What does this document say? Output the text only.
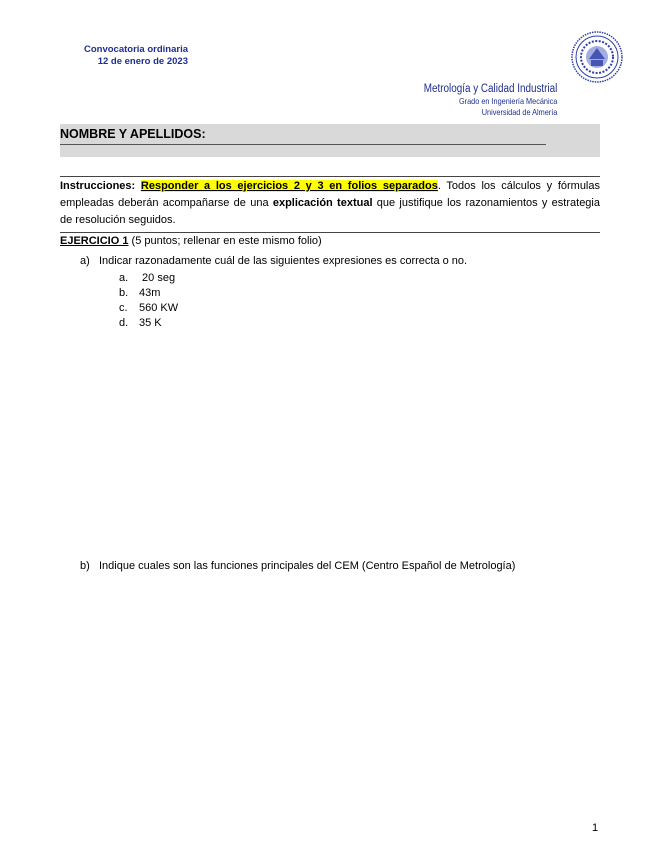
Convocatoria ordinaria
12 de enero de 2023
Metrología y Calidad Industrial
Grado en Ingeniería Mecánica
Universidad de Almería
NOMBRE Y APELLIDOS:
Instrucciones: Responder a los ejercicios 2 y 3 en folios separados. Todos los cálculos y fórmulas empleadas deberán acompañarse de una explicación textual que justifique los razonamientos y estrategia de resolución seguidos.
EJERCICIO 1 (5 puntos; rellenar en este mismo folio)
a) Indicar razonadamente cuál de las siguientes expresiones es correcta o no.
a. 20 seg
b. 43m
c. 560 KW
d. 35 K
b) Indique cuales son las funciones principales del CEM (Centro Español de Metrología)
1
